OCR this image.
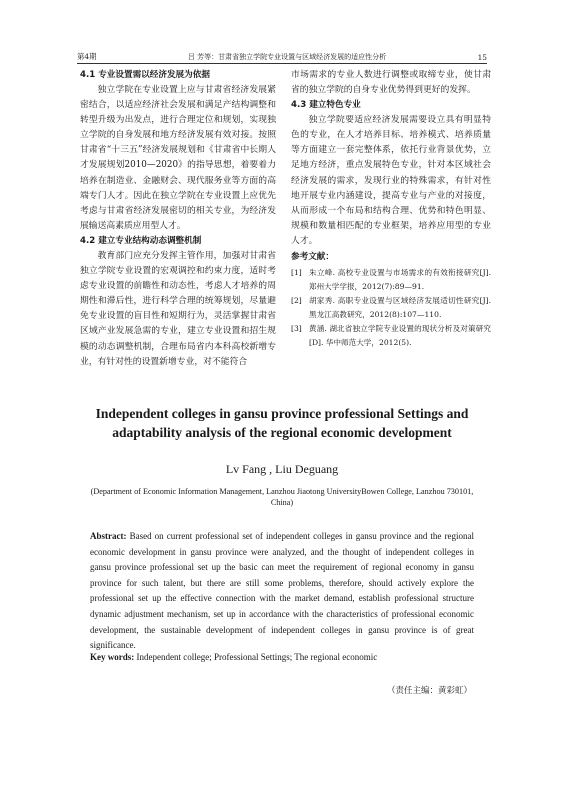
第4期	吕 芳等：甘肃省独立学院专业设置与区域经济发展的适应性分析	15

4.1 专业设置需以经济发展为依据

独立学院在专业设置上应与甘肃省经济发展紧密结合，以适应经济社会发展和满足产结构调整和转型升级为出发点，进行合理定位和规划，实现独立学院的自身发展和地方经济发展有效对接。按照甘肃省“十三五”经济发展规划和《甘肃省中长期人才发展规划2010—2020》的指导思想，着要着力培养在制造业、金融财会、现代服务业等方面的高端专门人才。因此在独立学院在专业设置上应优先考虑与甘肃省经济发展密切的相关专业，为经济发展输送高素质应用型人才。

4.2 建立专业结构动态调整机制

教育部门应充分发挥主管作用，加强对甘肃省独立学院专业设置的宏观调控和约束力度，适时考虑专业设置的前瞻性和动态性，考虑人才培养的周期性和滞后性，进行科学合理的统筹规划，尽量避免专业设置的盲目性和短期行为，灵活掌握甘肃省区域产业发展急需的专业，建立专业设置和招生规模的动态调整机制，合理布局省内本科高校新增专业，有针对性的设置新增专业，对不能符合

市场需求的专业人数进行调整或取缔专业，使甘肃省的独立学院的自身专业优势得到更好的发挥。

4.3 建立特色专业

独立学院要适应经济发展需要设立具有明显特色的专业，在人才培养目标、培养模式、培养质量等方面建立一套完整体系，依托行业背景优势，立足地方经济，重点发展特色专业，针对本区域社会经济发展的需求，发现行业的特殊需求，有针对性地开展专业内涵建设，提高专业与产业的对接度，从而形成一个布局和结构合理、优势和特色明显、规模和数量相匹配的专业框架，培养应用型的专业人才。

参考文献：

[1] 朱立峰. 高校专业设置与市场需求的有效衔接研究[J]. 郑州大学学报，2012(7):89—91.
[2] 胡家秀. 高职专业设置与区域经济发展适切性研究[J]. 黑龙江高教研究，2012(8):107—110.
[3] 黄涵. 湖北省独立学院专业设置的现状分析及对策研究[D]. 华中师范大学，2012(5).
Independent colleges in gansu province professional Settings and adaptability analysis of the regional economic development
Lv Fang , Liu Deguang
(Department of Economic Information Management, Lanzhou Jiaotong UniversityBowen College, Lanzhou 730101, China)
Abstract: Based on current professional set of independent colleges in gansu province and the regional economic development in gansu province were analyzed, and the thought of independent colleges in gansu province professional set up the basic can meet the requirement of regional economy in gansu province for such talent, but there are still some problems, therefore, should actively explore the professional set up the effective connection with the market demand, establish professional structure dynamic adjustment mechanism, set up in accordance with the characteristics of professional economic development, the sustainable development of independent colleges in gansu province is of great significance.
Key words: Independent college; Professional Settings; The regional economic
（责任主编：黄彩虹）
